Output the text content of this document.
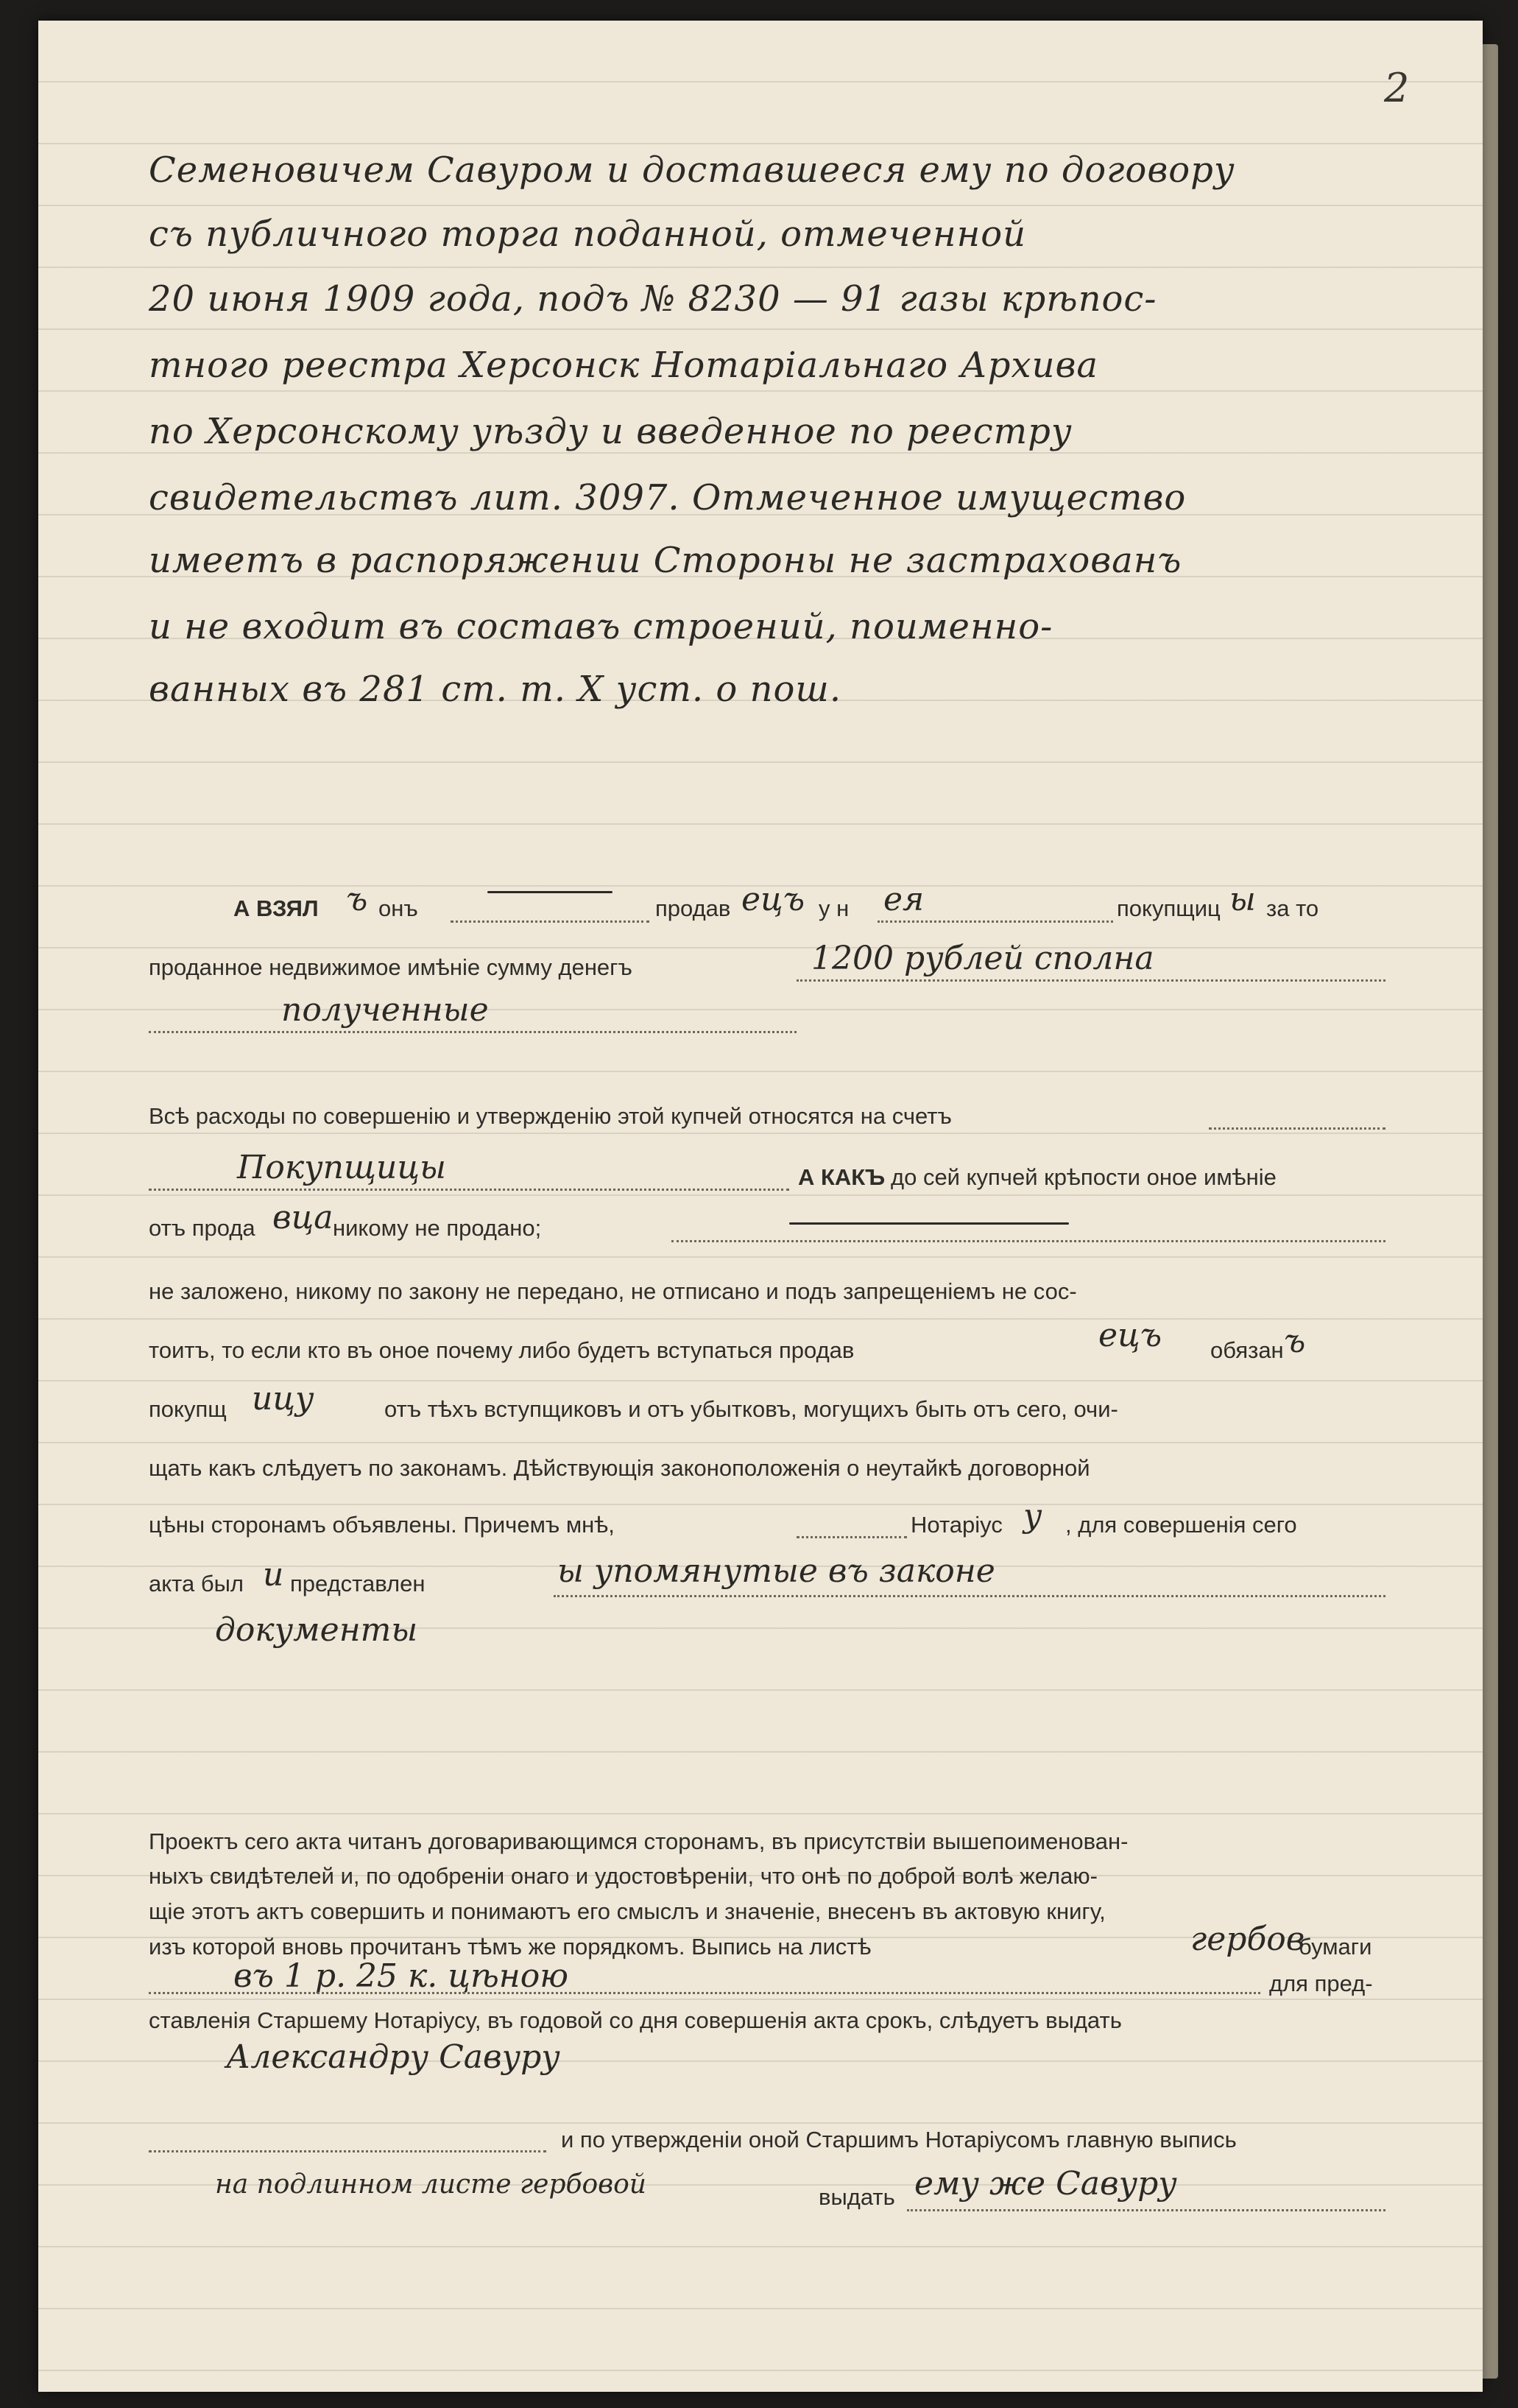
2
Семеновичем Савуром и доставшееся ему по договору
съ публичного торга поданной, отмеченной
20 июня 1909 года, подъ № 8230 — 91 газы крѣпос-
тного реестра Херсонск Нотаріальнаго Архива
по Херсонскому уѣзду и введенное по реестру
свидетельствъ лит. 3097. Отмеченное имущество
имеетъ в распоряжении Стороны не застрахованъ
и не входит въ составъ строений, поименно-
ванных въ 281 ст. т. Х уст. о пош.
А ВЗЯЛ ъ онъ	продав ецъ у н ея	покупщиц ы за то
проданное недвижимое имѣніе сумму денегъ	1200 рублей сполна
полученные
Всѣ расходы по совершенію и утвержденію этой купчей относятся на счетъ
Покупщицы	А КАКЪ до сей купчей крѣпости оное имѣніе
отъ прода вца никому не продано;
не заложено, никому по закону не передано, не отписано и подъ запрещеніемъ не сос-
тоитъ, то если кто въ оное почему либо будетъ вступаться продав	ецъ обязан ъ
покупщ ицу	отъ тѣхъ вступщиковъ и отъ убытковъ, могущихъ быть отъ сего, очи-
щать какъ слѣдуетъ по законамъ. Дѣйствующія законоположенія о неутайкѣ договорной
цѣны сторонамъ объявлены. Причемъ мнѣ,	Нотаріус у , для совершенія сего
акта был и представлен	ы упомянутые въ законе
документы
Проектъ сего акта читанъ договаривающимся сторонамъ, въ присутствіи вышепоименован-
ныхъ свидѣтелей и, по одобреніи онаго и удостовѣреніи, что онѣ по доброй волѣ желаю-
щіе этотъ актъ совершить и понимаютъ его смыслъ и значеніе, внесенъ въ актовую книгу,
изъ которой вновь прочитанъ тѣмъ же порядкомъ. Выпись на листѣ	гербов
бумаги
въ 1 р. 25 к. цѣною	для пред-
ставленія Старшему Нотаріусу, въ годовой со дня совершенія акта срокъ, слѣдуетъ выдать
Александру Савуру
и по утвержденіи оной Старшимъ Нотаріусомъ главную выпись
на подлинном листе гербовой	выдать ему же Савуру
